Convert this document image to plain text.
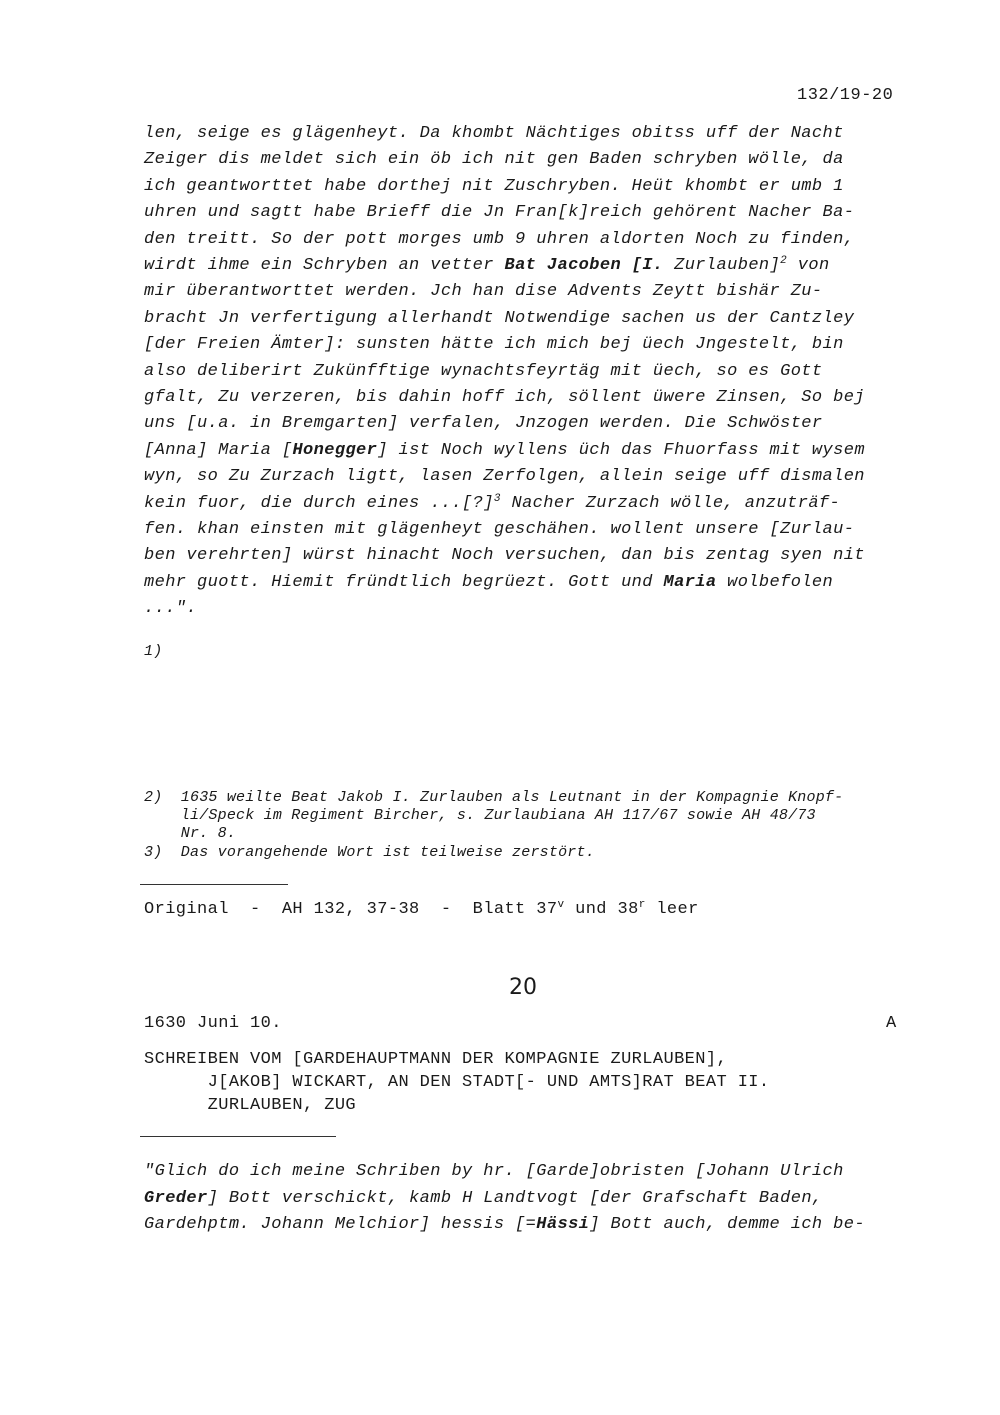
132/19-20
len, seige es glägenheyt. Da khombt Nächtiges obitss uff der Nacht
Zeiger dis meldet sich ein öb ich nit gen Baden schryben wölle, da
ich geantworttet habe dorthej nit Zuschryben. Heüt khombt er umb 1
uhren und sagtt habe Brieff die Jn Fran[k]reich gehörent Nacher Ba-
den treitt. So der pott morges umb 9 uhren aldorten Noch zu finden,
wirdt ihme ein Schryben an vetter Bat Jacoben [I. Zurlauben]$^2$ von
mir überantworttet werden. Jch han dise Advents Zeytt bishär Zu-
bracht Jn verfertigung allerhandt Notwendige sachen us der Cantzley
[der Freien Ämter]: sunsten hätte ich mich bej üech Jngestelt, bin
also deliberirt Zukünfftige wynachtsfeyrtäg mit üech, so es Gott
gfalt, Zu verzeren, bis dahin hoff ich, söllent üwere Zinsen, So bej
uns [u.a. in Bremgarten] verfalen, Jnzogen werden. Die Schwöster
[Anna] Maria [Honegger] ist Noch wyllens üch das Fhuorfass mit wysem
wyn, so Zu Zurzach ligtt, lasen Zerfolgen, allein seige uff dismalen
kein fuor, die durch eines ...[?]$^3$ Nacher Zurzach wölle, anzuträf-
fen. khan einsten mit glägenheyt geschähen. wollent unsere [Zurlau-
ben verehrten] würst hinacht Noch versuchen, dan bis zentag syen nit
mehr guott. Hiemit fründtlich begrüezt. Gott und Maria wolbefolen
...".
1)
2)  1635 weilte Beat Jakob I. Zurlauben als Leutnant in der Kompagnie Knopf-
li/Speck im Regiment Bircher, s. Zurlaubiana AH 117/67 sowie AH 48/73
Nr. 8.
3)  Das vorangehende Wort ist teilweise zerstört.
Original  -  AH 132, 37-38  -  Blatt 37$^v$ und 38$^r$ leer
20
1630 Juni 10.	A
SCHREIBEN VOM [GARDEHAUPTMANN DER KOMPAGNIE ZURLAUBEN],
J[AKOB] WICKART, AN DEN STADT[- UND AMTS]RAT BEAT II.
ZURLAUBEN, ZUG
"Glich do ich meine Schriben by hr. [Garde]obristen [Johann Ulrich
Greder] Bott verschickt, kamb H Landtvogt [der Grafschaft Baden,
Gardehptm. Johann Melchior] hessis [=Hässi] Bott auch, demme ich be-
